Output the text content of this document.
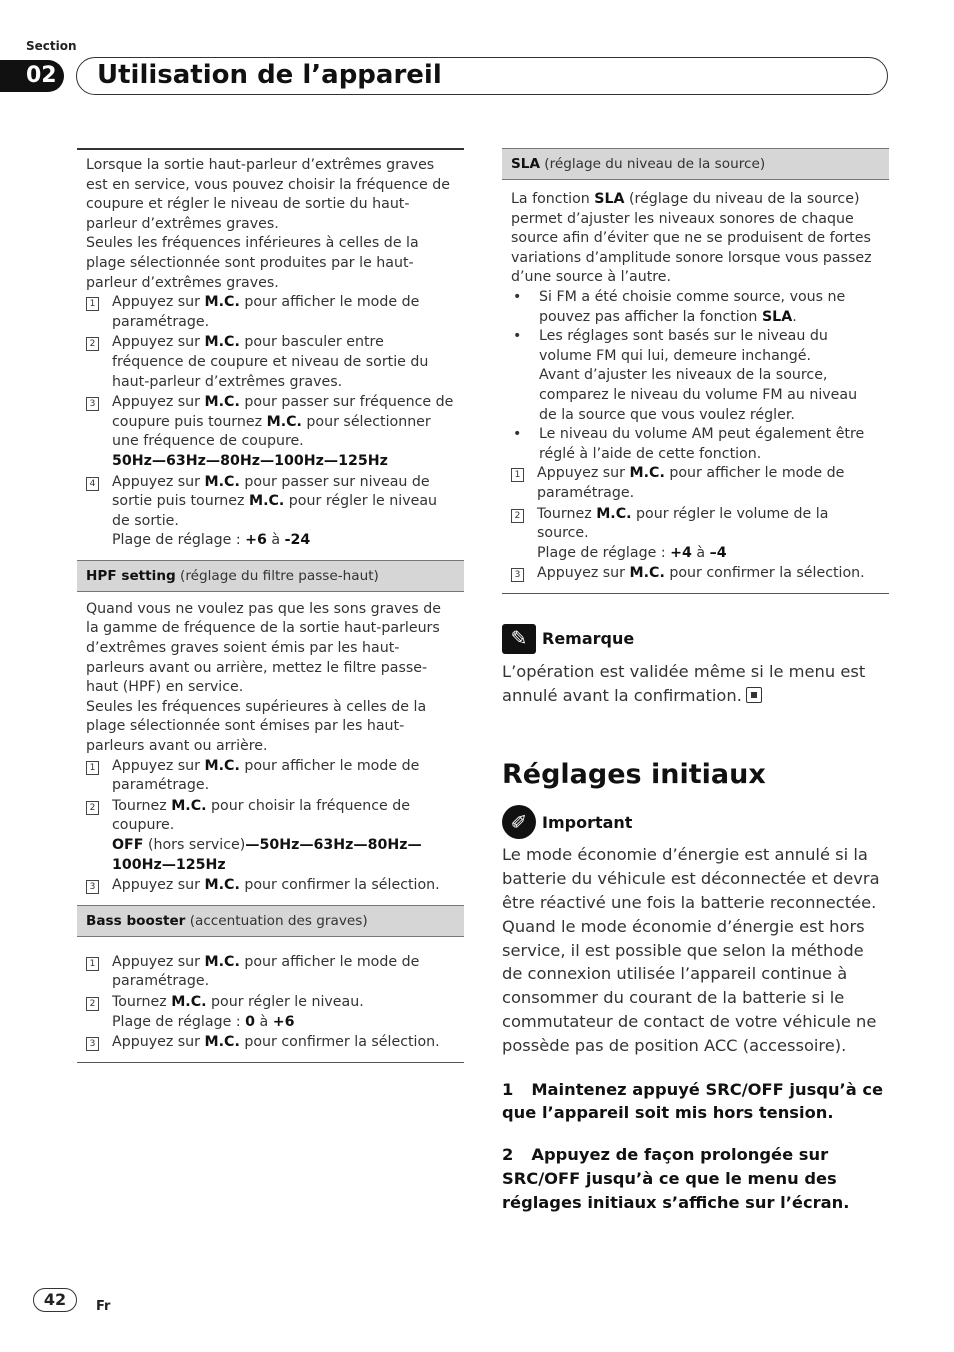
Section
02 Utilisation de l’appareil

Lorsque la sortie haut-parleur d’extrêmes graves est en service, vous pouvez choisir la fréquence de coupure et régler le niveau de sortie du haut-parleur d’extrêmes graves.

Seules les fréquences inférieures à celles de la plage sélectionnée sont produites par le haut-parleur d’extrêmes graves.

1 Appuyez sur M.C. pour afficher le mode de paramétrage.
2 Appuyez sur M.C. pour basculer entre fréquence de coupure et niveau de sortie du haut-parleur d’extrêmes graves.
3 Appuyez sur M.C. pour passer sur fréquence de coupure puis tournez M.C. pour sélectionner une fréquence de coupure.
50Hz—63Hz—80Hz—100Hz—125Hz
4 Appuyez sur M.C. pour passer sur niveau de sortie puis tournez M.C. pour régler le niveau de sortie.
Plage de réglage : +6 à -24
HPF setting (réglage du filtre passe-haut)

Quand vous ne voulez pas que les sons graves de la gamme de fréquence de la sortie haut-parleurs d’extrêmes graves soient émis par les haut-parleurs avant ou arrière, mettez le filtre passe-haut (HPF) en service.

Seules les fréquences supérieures à celles de la plage sélectionnée sont émises par les haut-parleurs avant ou arrière.

1 Appuyez sur M.C. pour afficher le mode de paramétrage.
2 Tournez M.C. pour choisir la fréquence de coupure.
OFF (hors service)—50Hz—63Hz—80Hz—100Hz—125Hz
3 Appuyez sur M.C. pour confirmer la sélection.
Bass booster (accentuation des graves)
1 Appuyez sur M.C. pour afficher le mode de paramétrage.
2 Tournez M.C. pour régler le niveau.
Plage de réglage : 0 à +6
3 Appuyez sur M.C. pour confirmer la sélection.
SLA (réglage du niveau de la source)

La fonction SLA (réglage du niveau de la source) permet d’ajuster les niveaux sonores de chaque source afin d’éviter que ne se produisent de fortes variations d’amplitude sonore lorsque vous passez d’une source à l’autre.

•	Si FM a été choisie comme source, vous ne pouvez pas afficher la fonction SLA.
•	Les réglages sont basés sur le niveau du volume FM qui lui, demeure inchangé.
Avant d’ajuster les niveaux de la source, comparez le niveau du volume FM au niveau de la source que vous voulez régler.
•	Le niveau du volume AM peut également être réglé à l’aide de cette fonction.
1 Appuyez sur M.C. pour afficher le mode de paramétrage.
2 Tournez M.C. pour régler le volume de la source.
Plage de réglage : +4 à –4
3 Appuyez sur M.C. pour confirmer la sélection.
✎ Remarque
L’opération est validée même si le menu est annulé avant la confirmation.
Réglages initiaux
✐ Important
Le mode économie d’énergie est annulé si la batterie du véhicule est déconnectée et devra être réactivé une fois la batterie reconnectée. Quand le mode économie d’énergie est hors service, il est possible que selon la méthode de connexion utilisée l’appareil continue à consommer du courant de la batterie si le commutateur de contact de votre véhicule ne possède pas de position ACC (accessoire).
1 Maintenez appuyé SRC/OFF jusqu’à ce que l’appareil soit mis hors tension.
2 Appuyez de façon prolongée sur SRC/OFF jusqu’à ce que le menu des réglages initiaux s’affiche sur l’écran.
42	Fr
